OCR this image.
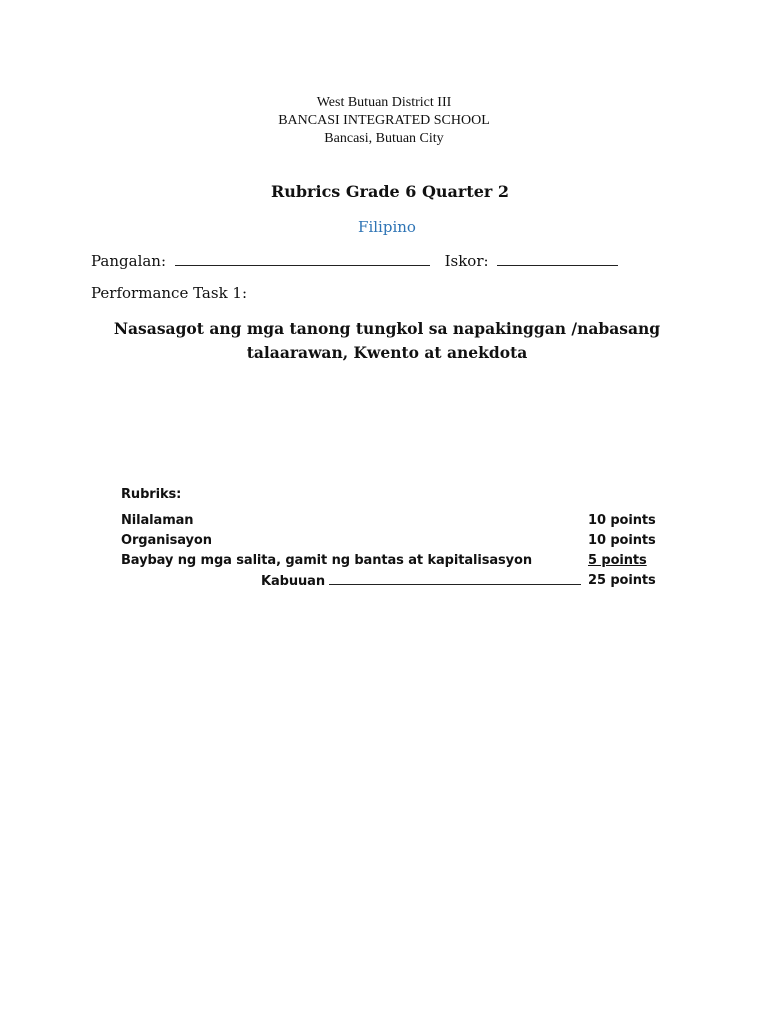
West Butuan District III
BANCASI INTEGRATED SCHOOL
Bancasi, Butuan City
Rubrics Grade 6 Quarter 2
Filipino
Pangalan:	Iskor:
Performance Task 1:
Nasasagot ang mga tanong tungkol sa napakinggan /nabasang talaarawan, Kwento at anekdota
Rubriks:
Nilalaman	10 points
Organisayon	10 points
Baybay ng mga salita, gamit ng bantas at kapitalisasyon	5 points
Kabuuan	25 points
